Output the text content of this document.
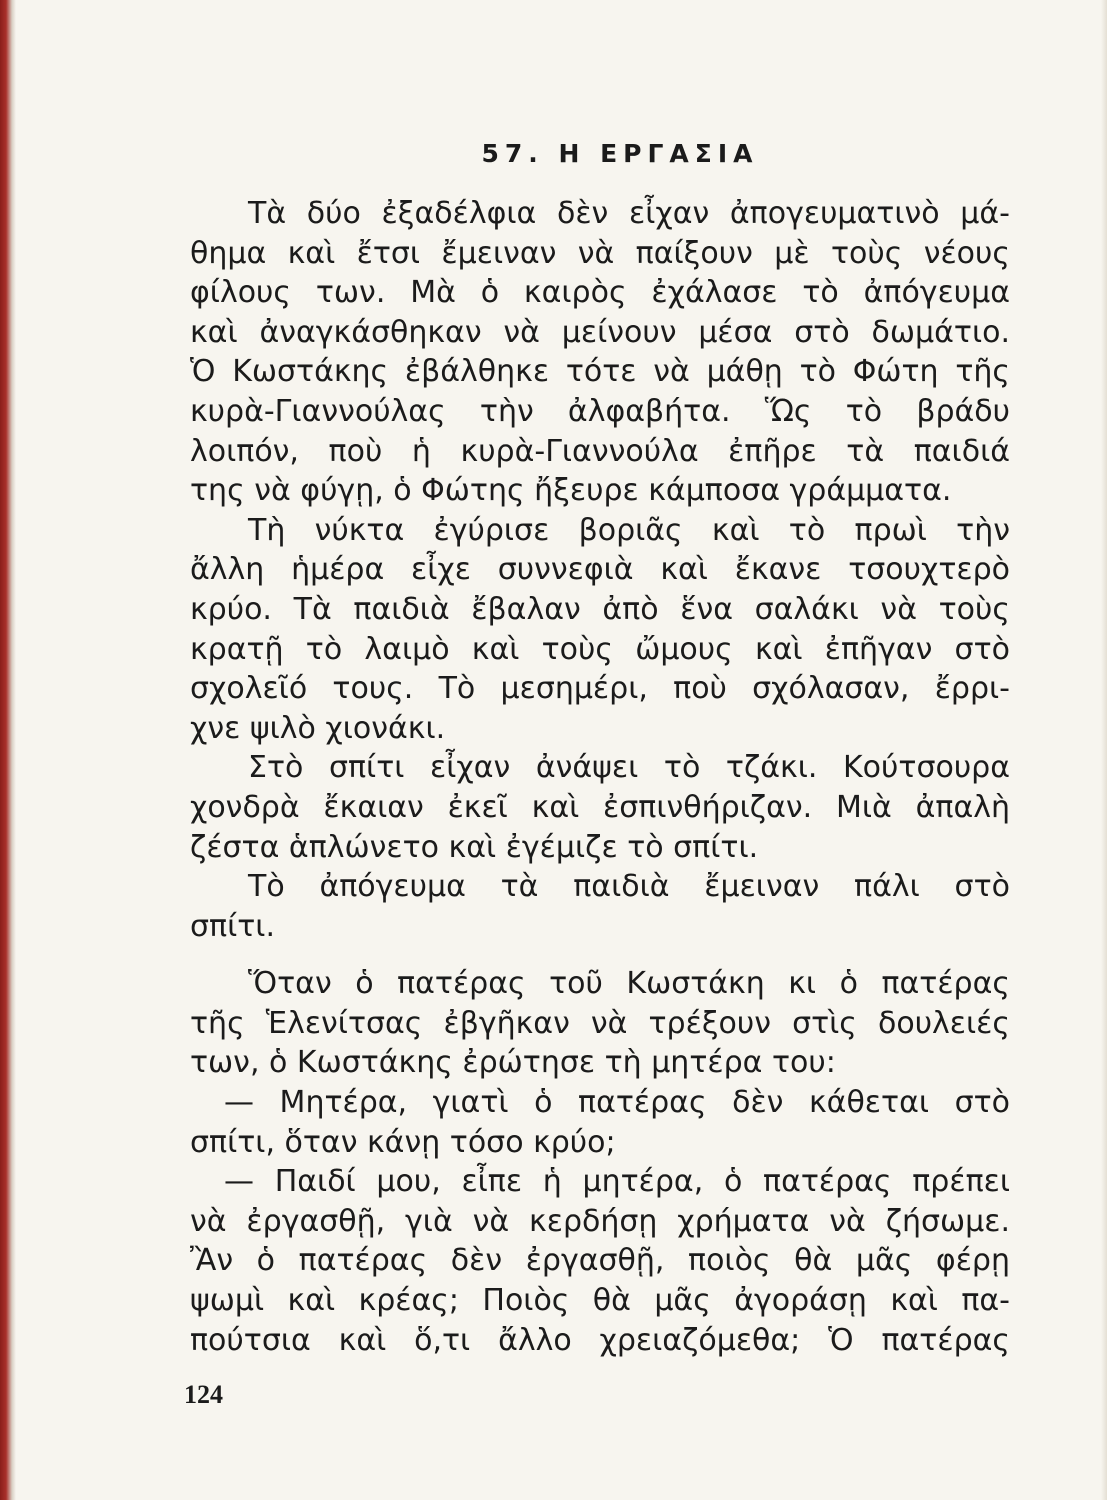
57. Η ΕΡΓΑΣΙΑ
Τὰ δύο ἐξαδέλφια δὲν εἶχαν ἀπογευματινὸ μά-
θημα καὶ ἔτσι ἔμειναν νὰ παίξουν μὲ τοὺς νέους
φίλους των. Μὰ ὁ καιρὸς ἐχάλασε τὸ ἀπόγευμα
καὶ ἀναγκάσθηκαν νὰ μείνουν μέσα στὸ δωμάτιο.
Ὁ Κωστάκης ἐβάλθηκε τότε νὰ μάθῃ τὸ Φώτη τῆς
κυρὰ-Γιαννούλας τὴν ἀλφαβήτα. Ὥς τὸ βράδυ
λοιπόν, ποὺ ἡ κυρὰ-Γιαννούλα ἐπῆρε τὰ παιδιά
της νὰ φύγῃ, ὁ Φώτης ἤξευρε κάμποσα γράμματα.
Τὴ νύκτα ἐγύρισε βοριᾶς καὶ τὸ πρωὶ τὴν
ἄλλη ἡμέρα εἶχε συννεφιὰ καὶ ἔκανε τσουχτερὸ
κρύο. Τὰ παιδιὰ ἔβαλαν ἀπὸ ἕνα σαλάκι νὰ τοὺς
κρατῇ τὸ λαιμὸ καὶ τοὺς ὤμους καὶ ἐπῆγαν στὸ
σχολεῖό τους. Τὸ μεσημέρι, ποὺ σχόλασαν, ἔρρι-
χνε ψιλὸ χιονάκι.
Στὸ σπίτι εἶχαν ἀνάψει τὸ τζάκι. Κούτσουρα
χονδρὰ ἔκαιαν ἐκεῖ καὶ ἐσπινθήριζαν. Μιὰ ἀπαλὴ
ζέστα ἁπλώνετο καὶ ἐγέμιζε τὸ σπίτι.
Τὸ ἀπόγευμα τὰ παιδιὰ ἔμειναν πάλι στὸ
σπίτι.
Ὅταν ὁ πατέρας τοῦ Κωστάκη κι ὁ πατέρας
τῆς Ἑλενίτσας ἐβγῆκαν νὰ τρέξουν στὶς δουλειές
των, ὁ Κωστάκης ἐρώτησε τὴ μητέρα του:
— Μητέρα, γιατὶ ὁ πατέρας δὲν κάθεται στὸ
σπίτι, ὅταν κάνῃ τόσο κρύο;
— Παιδί μου, εἶπε ἡ μητέρα, ὁ πατέρας πρέπει
νὰ ἐργασθῇ, γιὰ νὰ κερδήσῃ χρήματα νὰ ζήσωμε.
Ἂν ὁ πατέρας δὲν ἐργασθῇ, ποιὸς θὰ μᾶς φέρῃ
ψωμὶ καὶ κρέας; Ποιὸς θὰ μᾶς ἀγοράσῃ καὶ πα-
πούτσια καὶ ὅ,τι ἄλλο χρειαζόμεθα; Ὁ πατέρας
124
